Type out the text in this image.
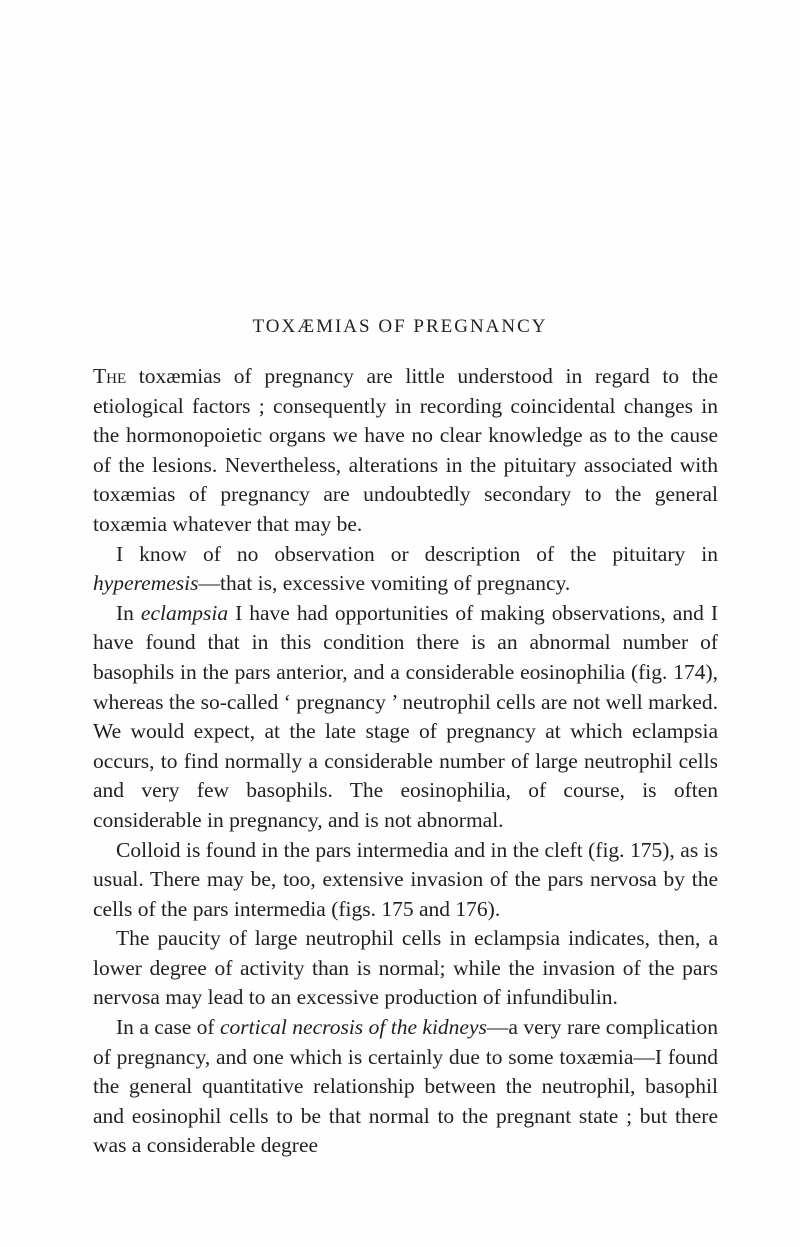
TOXÆMIAS OF PREGNANCY

The toxæmias of pregnancy are little understood in regard to the etiological factors ; consequently in recording coincidental changes in the hormonopoietic organs we have no clear knowledge as to the cause of the lesions. Nevertheless, alterations in the pituitary associated with toxæmias of pregnancy are undoubtedly secondary to the general toxæmia whatever that may be.

I know of no observation or description of the pituitary in hyperemesis—that is, excessive vomiting of pregnancy.

In eclampsia I have had opportunities of making observations, and I have found that in this condition there is an abnormal number of basophils in the pars anterior, and a considerable eosinophilia (fig. 174), whereas the so-called ‘ pregnancy ’ neutrophil cells are not well marked. We would expect, at the late stage of pregnancy at which eclampsia occurs, to find normally a considerable number of large neutrophil cells and very few basophils. The eosinophilia, of course, is often considerable in pregnancy, and is not abnormal.

Colloid is found in the pars intermedia and in the cleft (fig. 175), as is usual. There may be, too, extensive invasion of the pars nervosa by the cells of the pars intermedia (figs. 175 and 176).

The paucity of large neutrophil cells in eclampsia indicates, then, a lower degree of activity than is normal; while the invasion of the pars nervosa may lead to an excessive production of infundibulin.

In a case of cortical necrosis of the kidneys—a very rare complication of pregnancy, and one which is certainly due to some toxæmia—I found the general quantitative relationship between the neutrophil, basophil and eosinophil cells to be that normal to the pregnant state ; but there was a considerable degree
